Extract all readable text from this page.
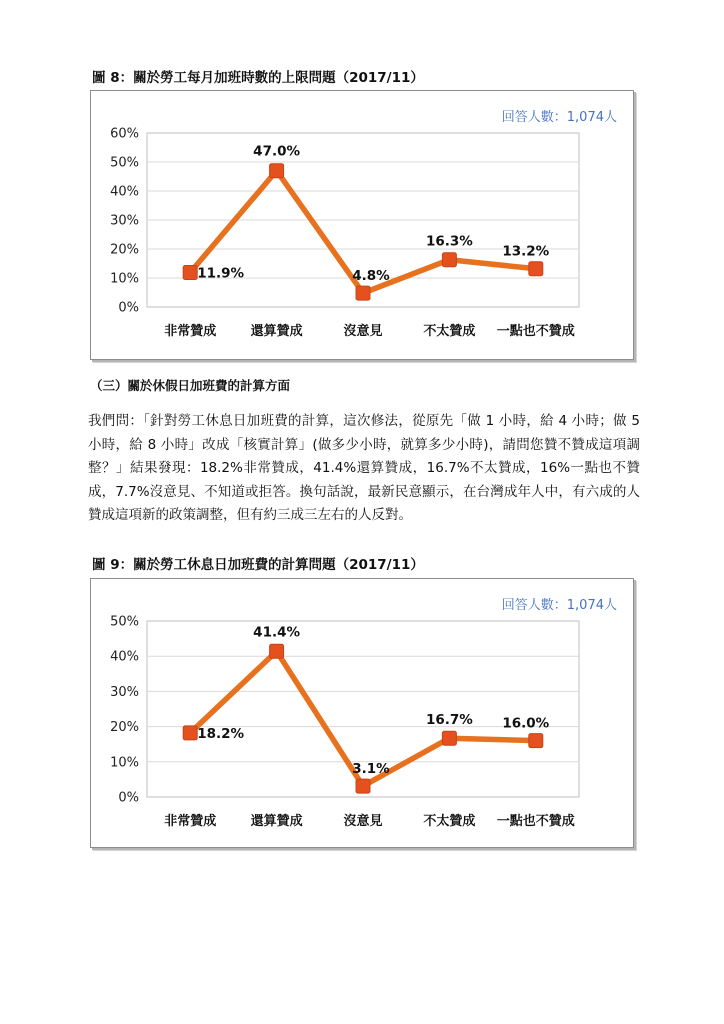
圖 8：關於勞工每月加班時數的上限問題（2017/11）
0%
10%
20%
30%
40%
50%
60%
非常贊成	還算贊成	沒意見	不太贊成 一點也不贊成
11.9%
47.0%
4.8%
16.3%
13.2%
回答人數：1,074人
（三）關於休假日加班費的計算方面
我們問：「針對勞工休息日加班費的計算，這次修法，從原先「做 1 小時，給 4 小時；做 5 小時，給 8 小時」改成「核實計算」(做多少小時，就算多少小時)，請問您贊不贊成這項調整？」結果發現：18.2%非常贊成，41.4%還算贊成，16.7%不太贊成，16%一點也不贊成，7.7%沒意見、不知道或拒答。換句話說，最新民意顯示，在台灣成年人中，有六成的人贊成這項新的政策調整，但有約三成三左右的人反對。
圖 9：關於勞工休息日加班費的計算問題（2017/11）
0%
10%
20%
30%
40%
50%
非常贊成	還算贊成	沒意見	不太贊成 一點也不贊成
18.2%
41.4%
3.1%
16.7% 16.0%
回答人數：1,074人
